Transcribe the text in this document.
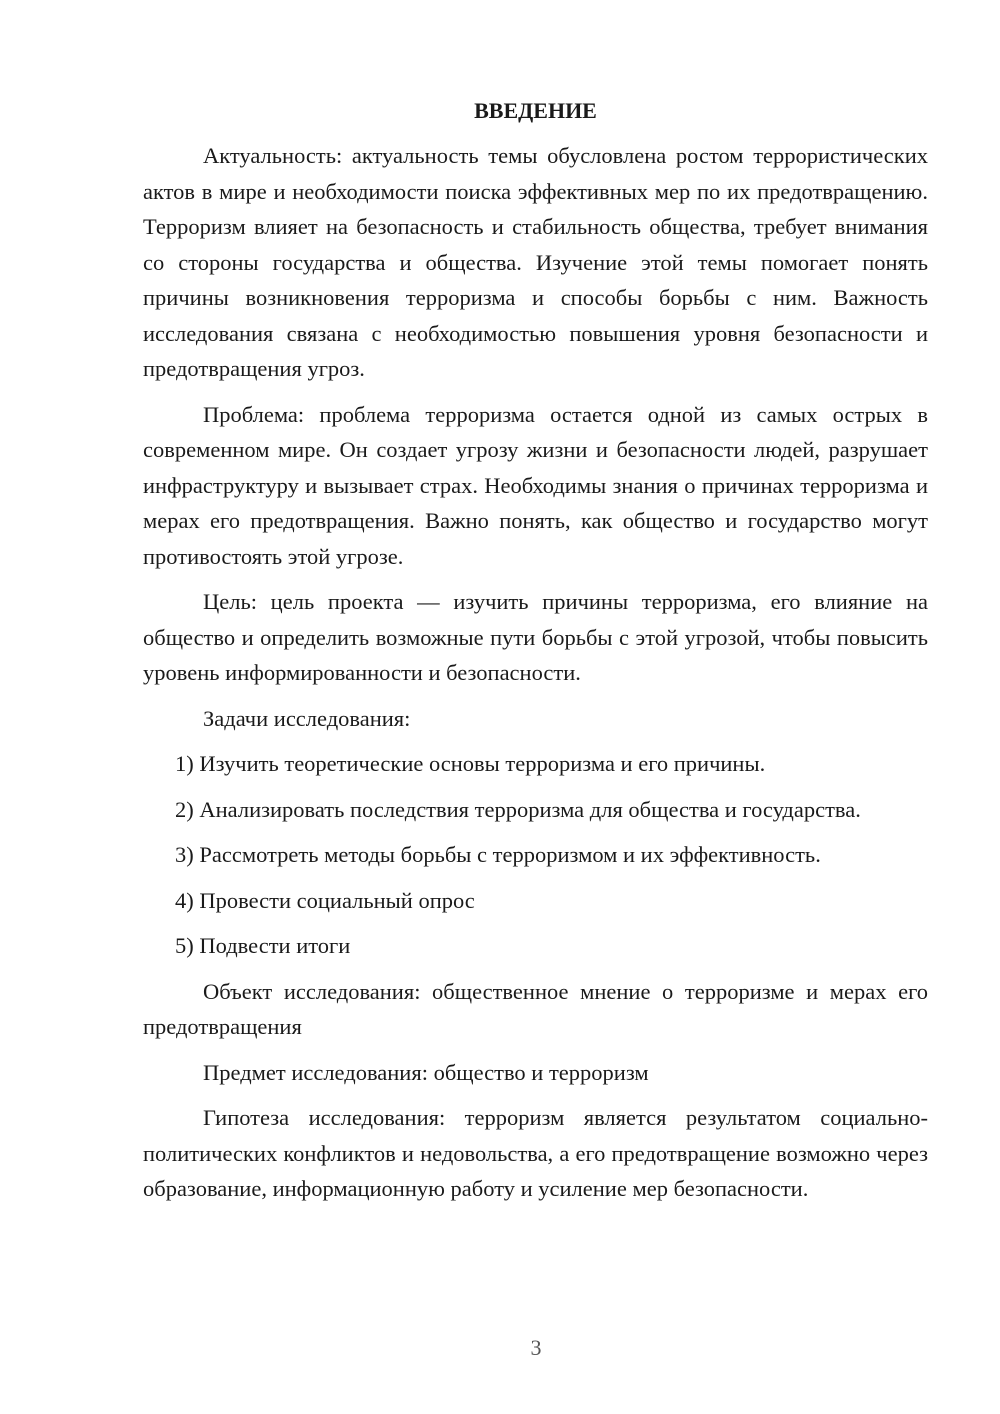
ВВЕДЕНИЕ

Актуальность: актуальность темы обусловлена ростом террористических актов в мире и необходимости поиска эффективных мер по их предотвращению. Терроризм влияет на безопасность и стабильность общества, требует внимания со стороны государства и общества. Изучение этой темы помогает понять причины возникновения терроризма и способы борьбы с ним. Важность исследования связана с необходимостью повышения уровня безопасности и предотвращения угроз.

Проблема: проблема терроризма остается одной из самых острых в современном мире. Он создает угрозу жизни и безопасности людей, разрушает инфраструктуру и вызывает страх. Необходимы знания о причинах терроризма и мерах его предотвращения. Важно понять, как общество и государство могут противостоять этой угрозе.

Цель: цель проекта — изучить причины терроризма, его влияние на общество и определить возможные пути борьбы с этой угрозой, чтобы повысить уровень информированности и безопасности.

Задачи исследования:

1) Изучить теоретические основы терроризма и его причины.

2) Анализировать последствия терроризма для общества и государства.

3) Рассмотреть методы борьбы с терроризмом и их эффективность.

4) Провести социальный опрос

5) Подвести итоги

Объект исследования: общественное мнение о терроризме и мерах его предотвращения

Предмет исследования: общество и терроризм

Гипотеза исследования: терроризм является результатом социально-политических конфликтов и недовольства, а его предотвращение возможно через образование, информационную работу и усиление мер безопасности.

3
